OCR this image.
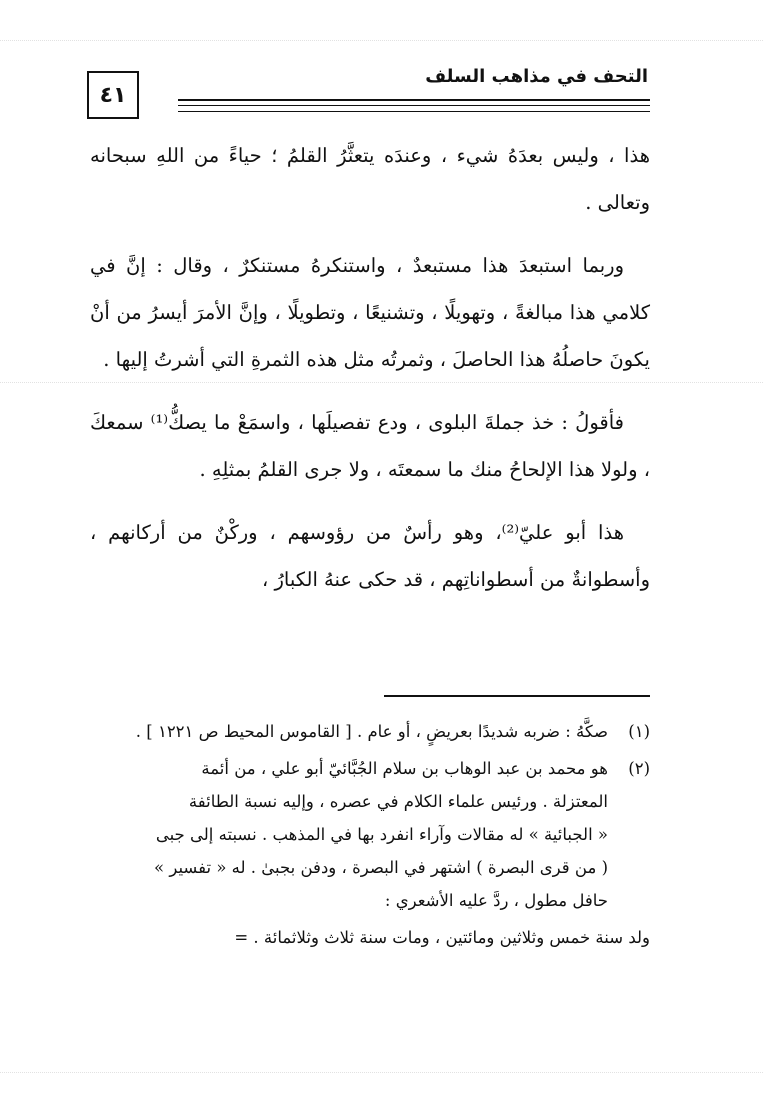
٤١
التحف في مذاهب السلف

هذا ، وليس بعدَهُ شيء ، وعندَه يتعثَّرُ القلمُ ؛ حياءً من اللهِ سبحانه وتعالى .

وربما استبعدَ هذا مستبعدٌ ، واستنكرهُ مستنكرٌ ، وقال : إنَّ في كلامي هذا مبالغةً ، وتهويلًا ، وتشنيعًا ، وتطويلًا ، وإنَّ الأمرَ أيسرُ من أنْ يكونَ حاصلُهُ هذا الحاصلَ ، وثمرتُه مثل هذه الثمرةِ التي أشرتُ إليها .

فأقولُ : خذ جملةَ البلوى ، ودع تفصيلَها ، واسمَعْ ما يصكُّ⁽¹⁾ سمعكَ ، ولولا هذا الإلحاحُ منك ما سمعتَه ، ولا جرى القلمُ بمثلِهِ .

هذا أبو عليّ⁽²⁾، وهو رأسٌ من رؤوسهم ، وركْنٌ من أركانهم ، وأسطوانةٌ من أسطواناتِهم ، قد حكى عنهُ الكبارُ ،

(١)
صكَّهُ : ضربه شديدًا بعريضٍ ، أو عام . [ القاموس المحيط ص ١٢٢١ ] .
(٢)
هو محمد بن عبد الوهاب بن سلام الجُبَّائيّ أبو علي ، من أئمة
المعتزلة . ورئيس علماء الكلام في عصره ، وإليه نسبة الطائفة
« الجبائية » له مقالات وآراء انفرد بها في المذهب . نسبته إلى جبى
( من قرى البصرة ) اشتهر في البصرة ، ودفن بجبىٰ . له « تفسير »
حافل مطول ، ردَّ عليه الأشعري :
ولد سنة خمس وثلاثين ومائتين ، ومات سنة ثلاث وثلاثمائة . =
